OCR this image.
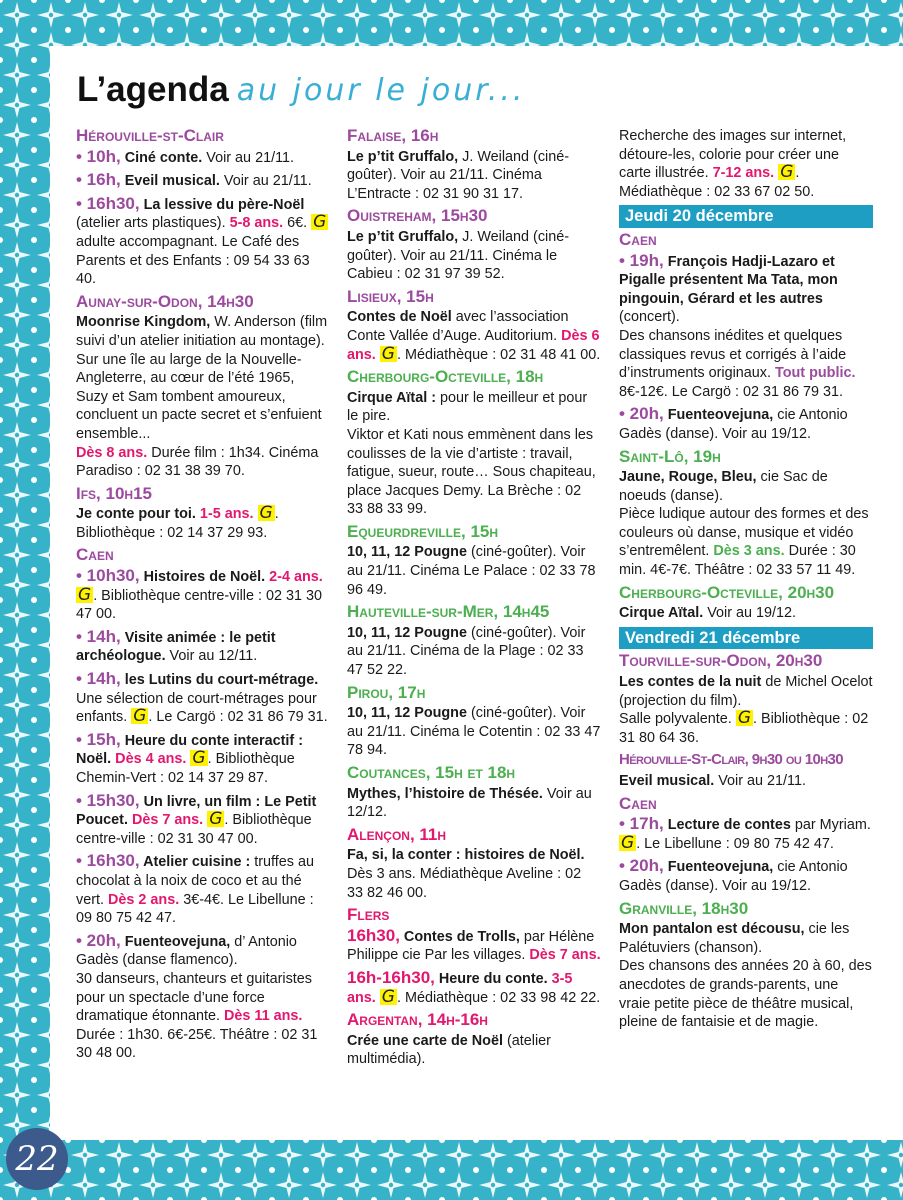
L’agenda au jour le jour...
Hérouville-st-Clair

• 10h, Ciné conte. Voir au 21/11.

• 16h, Eveil musical. Voir au 21/11.

• 16h30, La lessive du père-Noël (atelier arts plastiques). 5-8 ans. 6€. G adulte accompagnant. Le Café des Parents et des Enfants : 09 54 33 63 40.

Aunay-sur-Odon, 14h30

Moonrise Kingdom, W. Anderson (film suivi d’un atelier initiation au montage).
Sur une île au large de la Nouvelle-Angleterre, au cœur de l’été 1965, Suzy et Sam tombent amoureux, concluent un pacte secret et s’enfuient ensemble...
Dès 8 ans. Durée film : 1h34. Cinéma Paradiso : 02 31 38 39 70.

Ifs, 10h15

Je conte pour toi. 1-5 ans. G . Bibliothèque : 02 14 37 29 93.

Caen

• 10h30, Histoires de Noël. 2-4 ans. G . Bibliothèque centre-ville : 02 31 30 47 00.

• 14h, Visite animée : le petit archéologue. Voir au 12/11.

• 14h, les Lutins du court-métrage. Une sélection de court-métrages pour enfants. G . Le Cargö : 02 31 86 79 31.

• 15h, Heure du conte interactif : Noël. Dès 4 ans. G . Bibliothèque Chemin-Vert : 02 14 37 29 87.

• 15h30, Un livre, un film : Le Petit Poucet. Dès 7 ans. G . Bibliothèque centre-ville : 02 31 30 47 00.

• 16h30, Atelier cuisine : truffes au chocolat à la noix de coco et au thé vert. Dès 2 ans. 3€-4€. Le Libellune : 09 80 75 42 47.

• 20h, Fuenteovejuna, d’ Antonio Gadès (danse flamenco).
30 danseurs, chanteurs et guitaristes pour un spectacle d’une force dramatique étonnante. Dès 11 ans. Durée : 1h30. 6€-25€. Théâtre : 02 31 30 48 00.

Falaise, 16h

Le p’tit Gruffalo, J. Weiland (ciné-goûter). Voir au 21/11. Cinéma L’Entracte : 02 31 90 31 17.

Ouistreham, 15h30

Le p’tit Gruffalo, J. Weiland (ciné-goûter). Voir au 21/11. Cinéma le Cabieu : 02 31 97 39 52.

Lisieux, 15h

Contes de Noël avec l’association Conte Vallée d’Auge. Auditorium. Dès 6 ans. G . Médiathèque : 02 31 48 41 00.

Cherbourg-Octeville, 18h

Cirque Aïtal : pour le meilleur et pour le pire.
Viktor et Kati nous emmènent dans les coulisses de la vie d’artiste : travail, fatigue, sueur, route… Sous chapiteau, place Jacques Demy. La Brèche : 02 33 88 33 99.

Equeurdreville, 15h

10, 11, 12 Pougne (ciné-goûter). Voir au 21/11. Cinéma Le Palace : 02 33 78 96 49.

Hauteville-sur-Mer, 14h45

10, 11, 12 Pougne (ciné-goûter). Voir au 21/11. Cinéma de la Plage : 02 33 47 52 22.

Pirou, 17h

10, 11, 12 Pougne (ciné-goûter). Voir au 21/11. Cinéma le Cotentin : 02 33 47 78 94.

Coutances, 15h et 18h

Mythes, l’histoire de Thésée. Voir au 12/12.

Alençon, 11h

Fa, si, la conter : histoires de Noël. Dès 3 ans. Médiathèque Aveline : 02 33 82 46 00.

Flers

16h30, Contes de Trolls, par Hélène Philippe cie Par les villages. Dès 7 ans.

16h-16h30, Heure du conte. 3-5 ans. G . Médiathèque : 02 33 98 42 22.

Argentan, 14h-16h

Crée une carte de Noël (atelier multimédia).

Recherche des images sur internet, détoure-les, colorie pour créer une carte illustrée. 7-12 ans. G . Médiathèque : 02 33 67 02 50.

Jeudi 20 décembre
Caen

• 19h, François Hadji-Lazaro et Pigalle présentent Ma Tata, mon pingouin, Gérard et les autres (concert).
Des chansons inédites et quelques classiques revus et corrigés à l’aide d’instruments originaux. Tout public. 8€-12€. Le Cargö : 02 31 86 79 31.

• 20h, Fuenteovejuna, cie Antonio Gadès (danse). Voir au 19/12.

Saint-Lô, 19h

Jaune, Rouge, Bleu, cie Sac de noeuds (danse).
Pièce ludique autour des formes et des couleurs où danse, musique et vidéo s’entremêlent. Dès 3 ans. Durée : 30 min. 4€-7€. Théâtre : 02 33 57 11 49.

Cherbourg-Octeville, 20h30

Cirque Aïtal. Voir au 19/12.

Vendredi 21 décembre
Tourville-sur-Odon, 20h30

Les contes de la nuit de Michel Ocelot (projection du film).
Salle polyvalente. G . Bibliothèque : 02 31 80 64 36.

Hérouville-St-Clair, 9h30 ou 10h30

Eveil musical. Voir au 21/11.

Caen

• 17h, Lecture de contes par Myriam. G . Le Libellune : 09 80 75 42 47.

• 20h, Fuenteovejuna, cie Antonio Gadès (danse). Voir au 19/12.

Granville, 18h30

Mon pantalon est décousu, cie les Palétuviers (chanson).
Des chansons des années 20 à 60, des anecdotes de grands-parents, une vraie petite pièce de théâtre musical, pleine de fantaisie et de magie.

22
